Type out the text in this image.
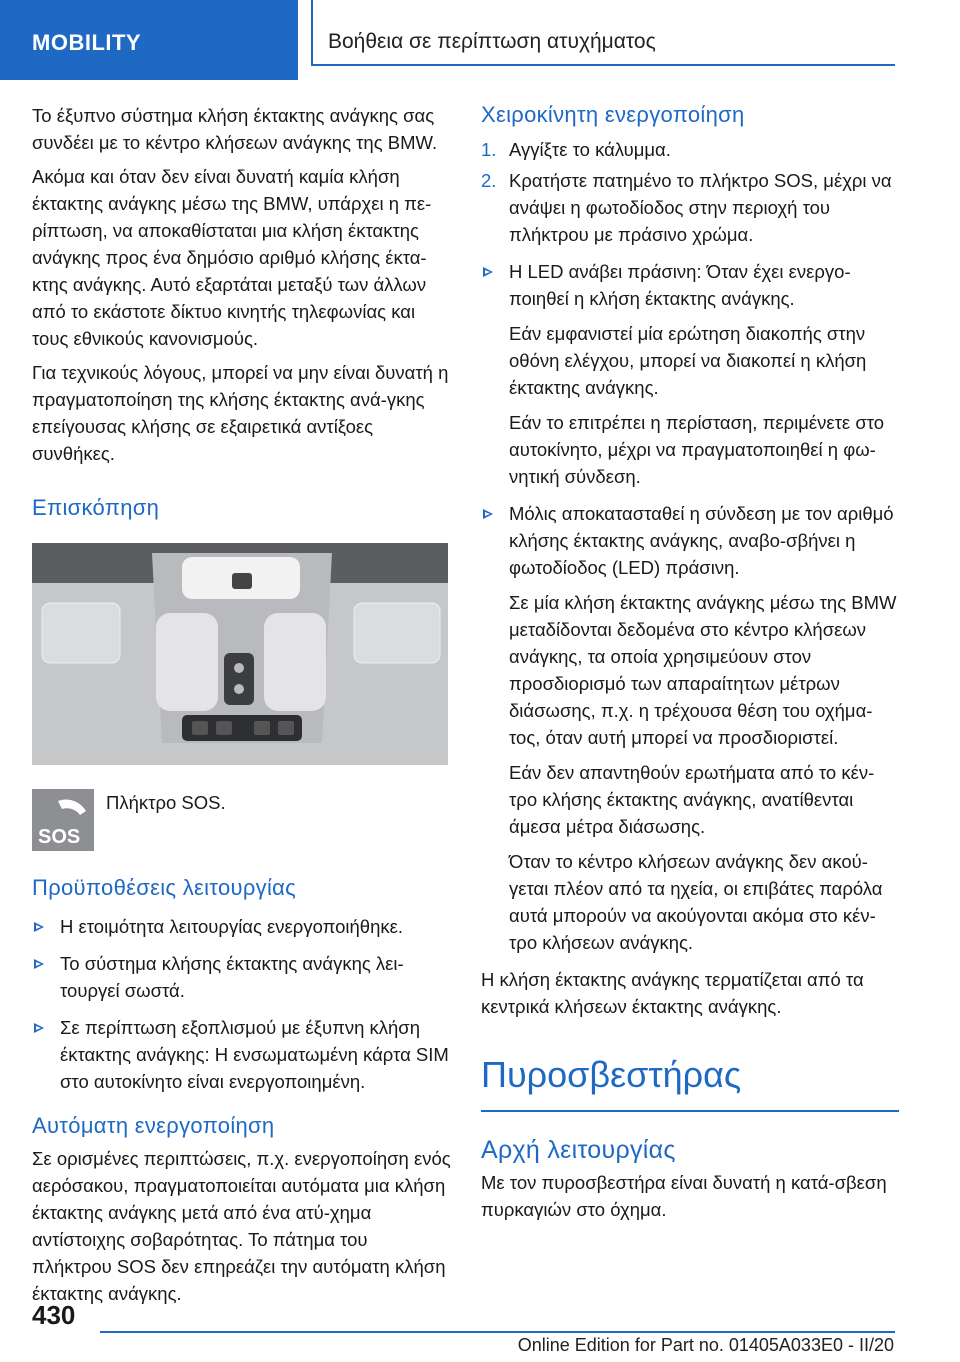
MOBILITY	Βοήθεια σε περίπτωση ατυχήματος

Το έξυπνο σύστημα κλήση έκτακτης ανάγκης σας συνδέει με το κέντρο κλήσεων ανάγκης της BMW.

Ακόμα και όταν δεν είναι δυνατή καμία κλήση έκτακτης ανάγκης μέσω της BMW, υπάρχει η πε-ρίπτωση, να αποκαθίσταται μια κλήση έκτακτης ανάγκης προς ένα δημόσιο αριθμό κλήσης έκτα-κτης ανάγκης. Αυτό εξαρτάται μεταξύ των άλλων από το εκάστοτε δίκτυο κινητής τηλεφωνίας και τους εθνικούς κανονισμούς.

Για τεχνικούς λόγους, μπορεί να μην είναι δυνατή η πραγματοποίηση της κλήσης έκτακτης ανά-γκης επείγουσας κλήσης σε εξαιρετικά αντίξοες συνθήκες.

Επισκόπηση
SOS
Πλήκτρο SOS.
Προϋποθέσεις λειτουργίας
Η ετοιμότητα λειτουργίας ενεργοποιήθηκε.
Το σύστημα κλήσης έκτακτης ανάγκης λει-τουργεί σωστά.
Σε περίπτωση εξοπλισμού με έξυπνη κλήση έκτακτης ανάγκης: Η ενσωματωμένη κάρτα SIM στο αυτοκίνητο είναι ενεργοποιημένη.
Αυτόματη ενεργοποίηση

Σε ορισμένες περιπτώσεις, π.χ. ενεργοποίηση ενός αερόσακου, πραγματοποιείται αυτόματα μια κλήση έκτακτης ανάγκης μετά από ένα ατύ-χημα αντίστοιχης σοβαρότητας. Το πάτημα του πλήκτρου SOS δεν επηρεάζει την αυτόματη κλήση έκτακτης ανάγκης.

Χειροκίνητη ενεργοποίηση
1. Αγγίξτε το κάλυμμα.
2. Κρατήστε πατημένο το πλήκτρο SOS, μέχρι να ανάψει η φωτοδίοδος στην περιοχή του πλήκτρου με πράσινο χρώμα.
Η LED ανάβει πράσινη: Όταν έχει ενεργο-ποιηθεί η κλήση έκτακτης ανάγκης.
Εάν εμφανιστεί μία ερώτηση διακοπής στην οθόνη ελέγχου, μπορεί να διακοπεί η κλήση έκτακτης ανάγκης.
Εάν το επιτρέπει η περίσταση, περιμένετε στο αυτοκίνητο, μέχρι να πραγματοποιηθεί η φω-νητική σύνδεση.
Μόλις αποκατασταθεί η σύνδεση με τον αριθμό κλήσης έκτακτης ανάγκης, αναβο-σβήνει η φωτοδίοδος (LED) πράσινη.
Σε μία κλήση έκτακτης ανάγκης μέσω της BMW μεταδίδονται δεδομένα στο κέντρο κλήσεων ανάγκης, τα οποία χρησιμεύουν στον προσδιορισμό των απαραίτητων μέτρων διάσωσης, π.χ. η τρέχουσα θέση του οχήμα-τος, όταν αυτή μπορεί να προσδιοριστεί.
Εάν δεν απαντηθούν ερωτήματα από το κέν-τρο κλήσης έκτακτης ανάγκης, ανατίθενται άμεσα μέτρα διάσωσης.
Όταν το κέντρο κλήσεων ανάγκης δεν ακού-γεται πλέον από τα ηχεία, οι επιβάτες παρόλα αυτά μπορούν να ακούγονται ακόμα στο κέν-τρο κλήσεων ανάγκης.

Η κλήση έκτακτης ανάγκης τερματίζεται από τα κεντρικά κλήσεων έκτακτης ανάγκης.

Πυροσβεστήρας
Αρχή λειτουργίας

Με τον πυροσβεστήρα είναι δυνατή η κατά-σβεση πυρκαγιών στο όχημα.

430
Online Edition for Part no. 01405A033E0 - II/20
